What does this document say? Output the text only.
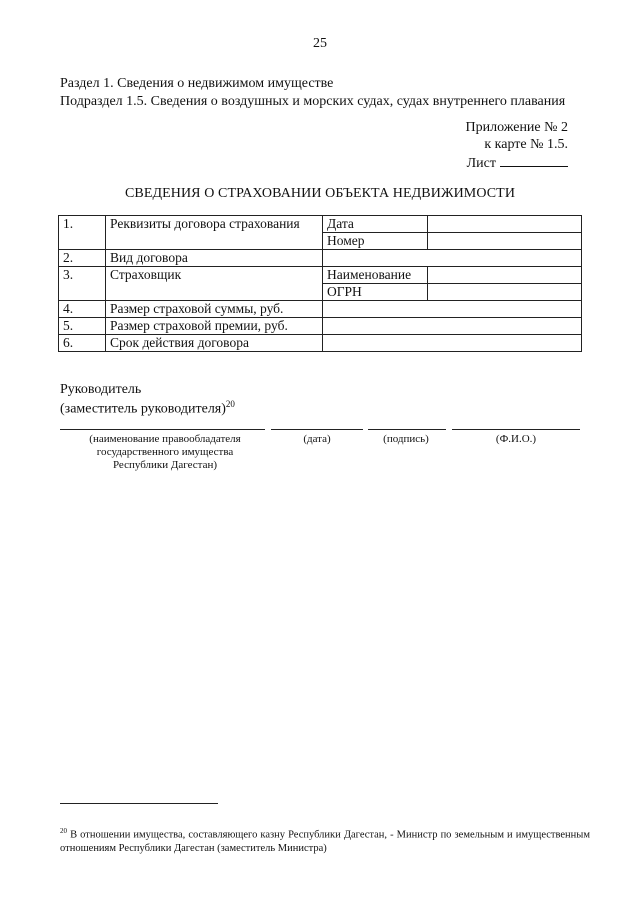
25
Раздел 1. Сведения о недвижимом имуществе
Подраздел 1.5. Сведения о воздушных и морских судах, судах внутреннего плавания
Приложение № 2
к карте № 1.5.
Лист
СВЕДЕНИЯ О СТРАХОВАНИИ ОБЪЕКТА НЕДВИЖИМОСТИ
1.	Реквизиты договора страхования	Дата	
		Номер	
2.	Вид договора		
3.	Страховщик	Наименование	
		ОГРН	
4.	Размер страховой суммы, руб.		
5.	Размер страховой премии, руб.		
6.	Срок действия договора		
Руководитель
(заместитель руководителя)$^{20}$
(наименование правообладателя
государственного имущества
Республики Дагестан)
(дата)	(подпись)	(Ф.И.О.)
$^{20}$ В отношении имущества, составляющего казну Республики Дагестан, - Министр по земельным и имущественным отношениям Республики Дагестан (заместитель Министра)
